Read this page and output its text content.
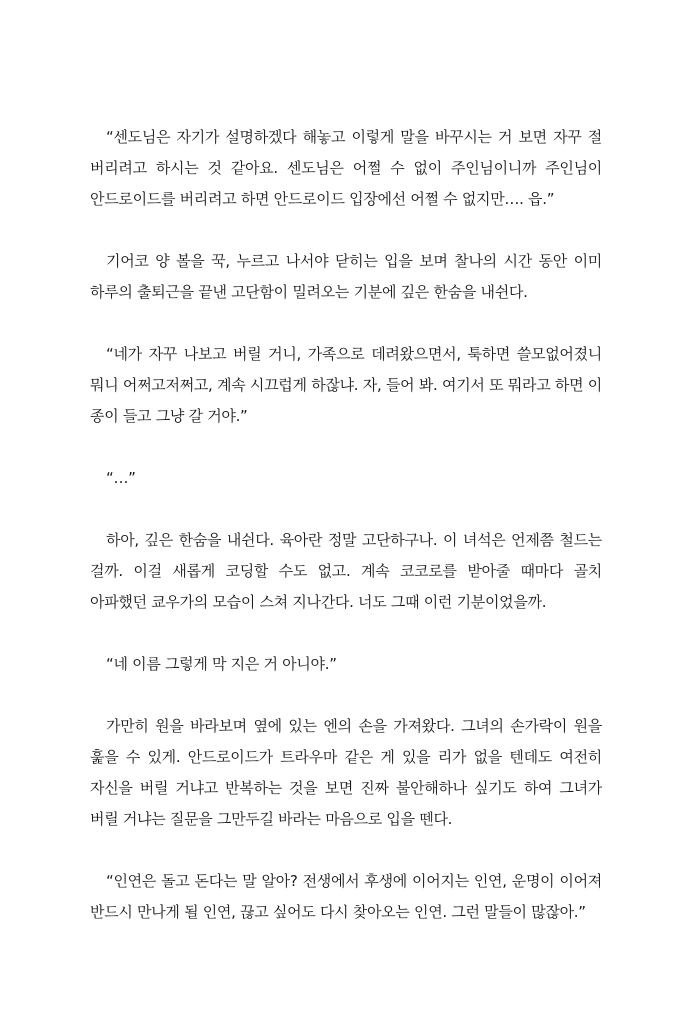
“센도님은 자기가 설명하겠다 해놓고 이렇게 말을 바꾸시는 거 보면 자꾸 절 버리려고 하시는 것 같아요. 센도님은 어쩔 수 없이 주인님이니까 주인님이 안드로이드를 버리려고 하면 안드로이드 입장에선 어쩔 수 없지만…. 읍.”

기어코 양 볼을 꾹, 누르고 나서야 닫히는 입을 보며 찰나의 시간 동안 이미 하루의 출퇴근을 끝낸 고단함이 밀려오는 기분에 깊은 한숨을 내쉰다.

“네가 자꾸 나보고 버릴 거니, 가족으로 데려왔으면서, 툭하면 쓸모없어졌니 뭐니 어쩌고저쩌고, 계속 시끄럽게 하잖냐. 자, 들어 봐. 여기서 또 뭐라고 하면 이 종이 들고 그냥 갈 거야.”

“…”

하아, 깊은 한숨을 내쉰다. 육아란 정말 고단하구나. 이 녀석은 언제쯤 철드는 걸까. 이걸 새롭게 코딩할 수도 없고. 계속 코코로를 받아줄 때마다 골치 아파했던 쿄우가의 모습이 스쳐 지나간다. 너도 그때 이런 기분이었을까.

“네 이름 그렇게 막 지은 거 아니야.”

가만히 원을 바라보며 옆에 있는 엔의 손을 가져왔다. 그녀의 손가락이 원을 훑을 수 있게. 안드로이드가 트라우마 같은 게 있을 리가 없을 텐데도 여전히 자신을 버릴 거냐고 반복하는 것을 보면 진짜 불안해하나 싶기도 하여 그녀가 버릴 거냐는 질문을 그만두길 바라는 마음으로 입을 뗀다.

“인연은 돌고 돈다는 말 알아? 전생에서 후생에 이어지는 인연, 운명이 이어져 반드시 만나게 될 인연, 끊고 싶어도 다시 찾아오는 인연. 그런 말들이 많잖아.”
